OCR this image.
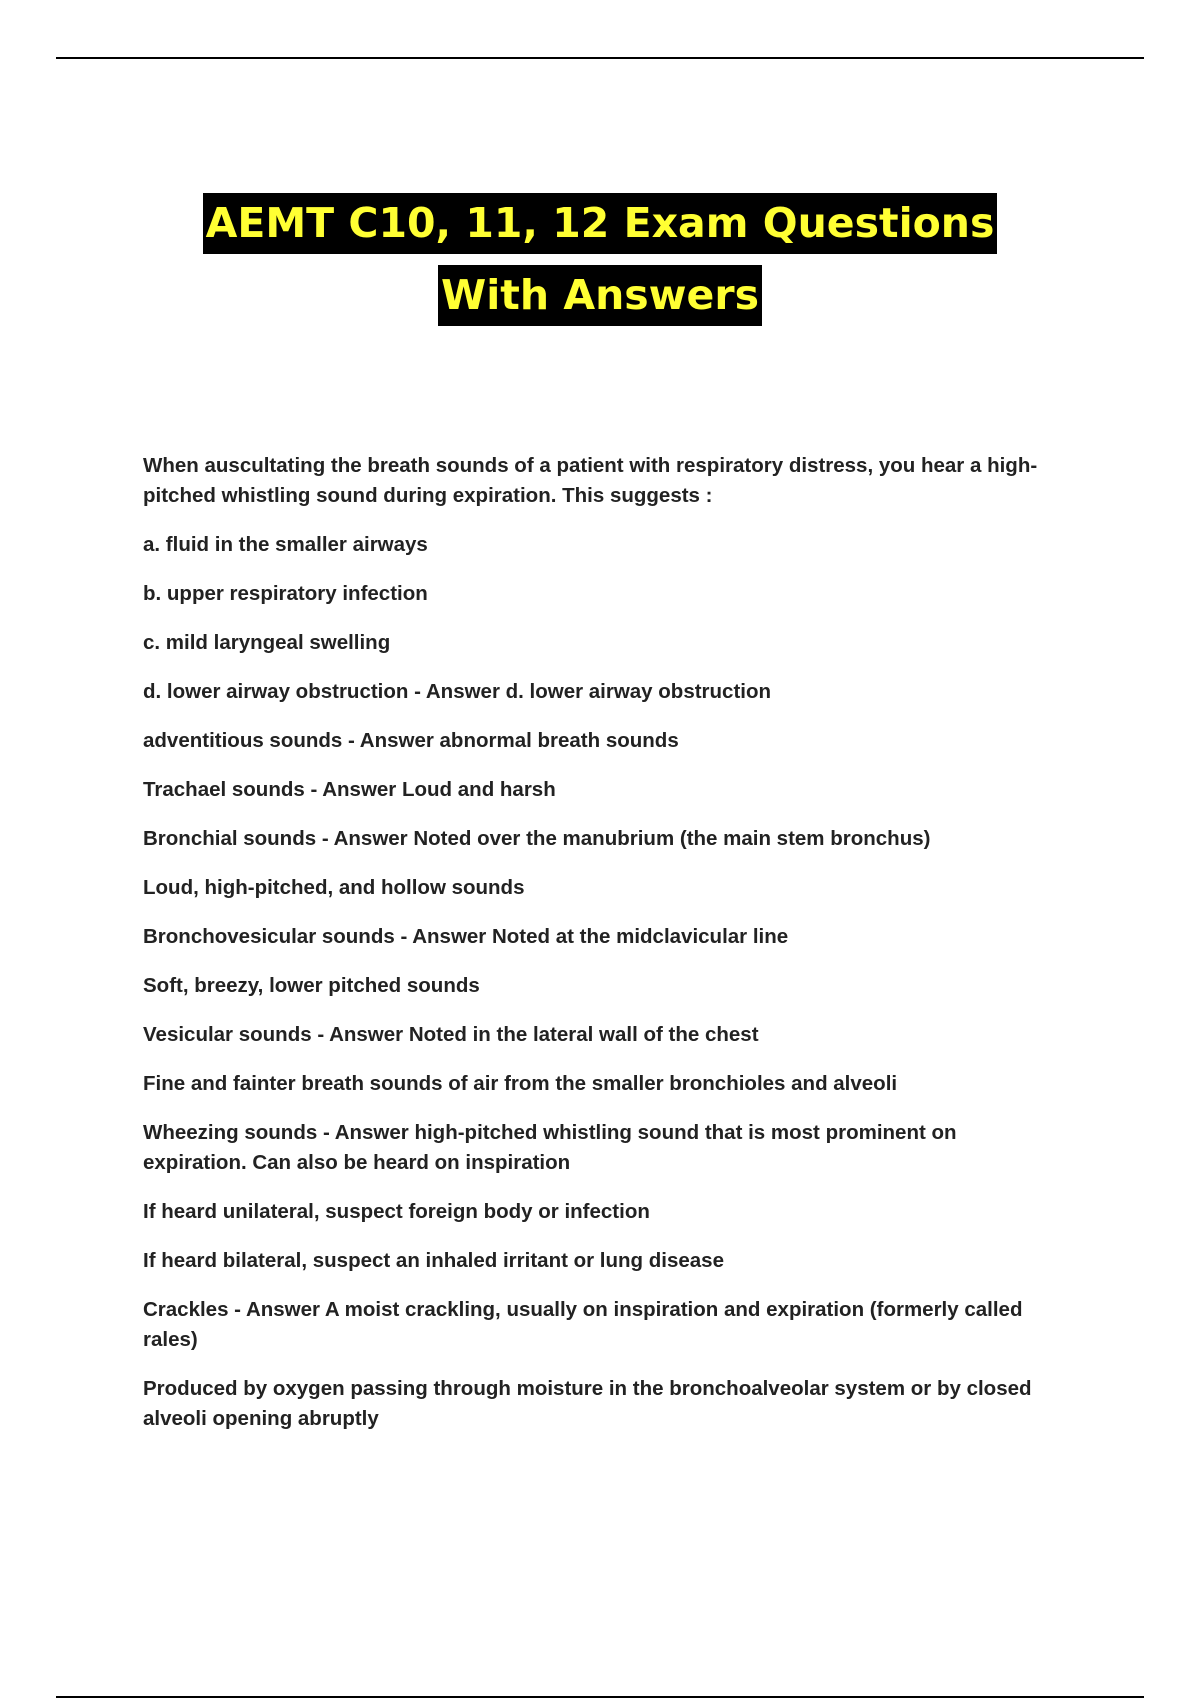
AEMT C10, 11, 12 Exam Questions
With Answers

When auscultating the breath sounds of a patient with respiratory distress, you hear a high-pitched whistling sound during expiration. This suggests :

a. fluid in the smaller airways

b. upper respiratory infection

c. mild laryngeal swelling

d. lower airway obstruction - Answer d. lower airway obstruction

adventitious sounds - Answer abnormal breath sounds

Trachael sounds - Answer Loud and harsh

Bronchial sounds - Answer Noted over the manubrium (the main stem bronchus)

Loud, high-pitched, and hollow sounds

Bronchovesicular sounds - Answer Noted at the midclavicular line

Soft, breezy, lower pitched sounds

Vesicular sounds - Answer Noted in the lateral wall of the chest

Fine and fainter breath sounds of air from the smaller bronchioles and alveoli

Wheezing sounds - Answer high-pitched whistling sound that is most prominent on expiration. Can also be heard on inspiration

If heard unilateral, suspect foreign body or infection

If heard bilateral, suspect an inhaled irritant or lung disease

Crackles - Answer A moist crackling, usually on inspiration and expiration (formerly called rales)

Produced by oxygen passing through moisture in the bronchoalveolar system or by closed alveoli opening abruptly
